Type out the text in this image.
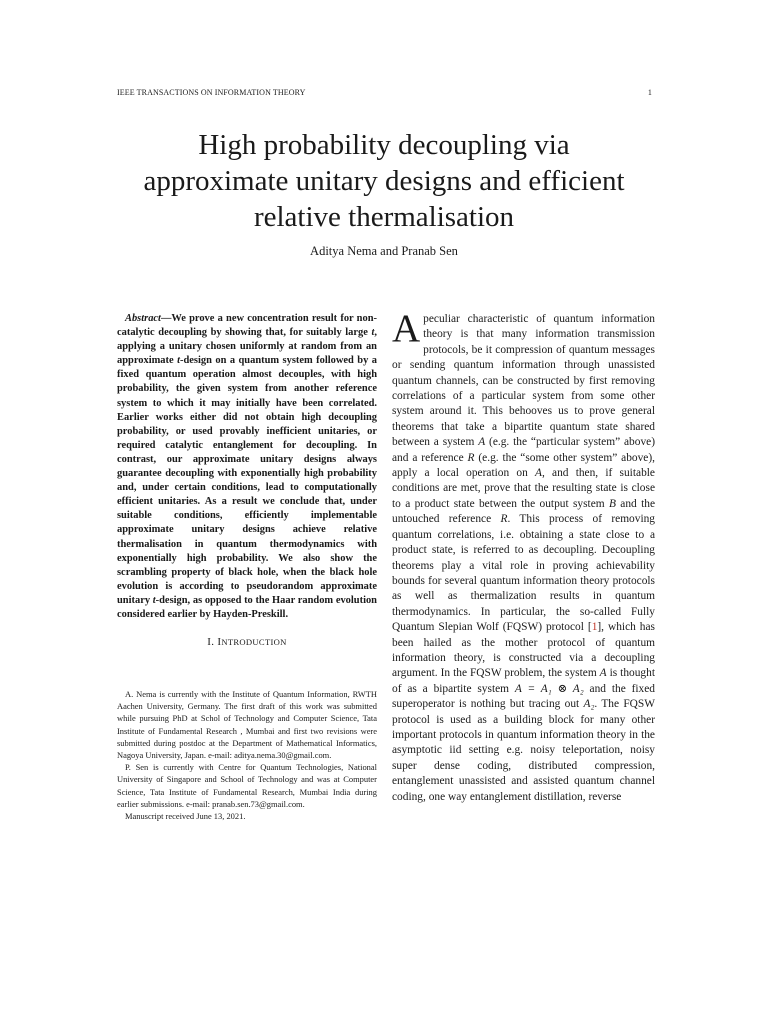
IEEE TRANSACTIONS ON INFORMATION THEORY	1
High probability decoupling via
approximate unitary designs and efficient
relative thermalisation
Aditya Nema and Pranab Sen

Abstract—We prove a new concentration result for non-catalytic decoupling by showing that, for suitably large t, applying a unitary chosen uniformly at random from an approximate t-design on a quantum system followed by a fixed quantum operation almost decouples, with high probability, the given system from another reference system to which it may initially have been correlated. Earlier works either did not obtain high decoupling probability, or used provably inefficient unitaries, or required catalytic entanglement for decoupling. In contrast, our approximate unitary designs always guarantee decoupling with exponentially high probability and, under certain conditions, lead to computationally efficient unitaries. As a result we conclude that, under suitable conditions, efficiently implementable approximate unitary designs achieve relative thermalisation in quantum thermodynamics with exponentially high probability. We also show the scrambling property of black hole, when the black hole evolution is according to pseudorandom approximate unitary t-design, as opposed to the Haar random evolution considered earlier by Hayden-Preskill.

I. INTRODUCTION

A. Nema is currently with the Institute of Quantum Information, RWTH Aachen University, Germany. The first draft of this work was submitted while pursuing PhD at Schol of Technology and Computer Science, Tata Institute of Fundamental Research , Mumbai and first two revisions were submitted during postdoc at the Department of Mathematical Informatics, Nagoya University, Japan. e-mail: aditya.nema.30@gmail.com.

P. Sen is currently with Centre for Quantum Technologies, National University of Singapore and School of Technology and was at Computer Science, Tata Institute of Fundamental Research, Mumbai India during earlier submissions. e-mail: pranab.sen.73@gmail.com.

Manuscript received June 13, 2021.

A peculiar characteristic of quantum information theory is that many information transmission protocols, be it compression of quantum messages or sending quantum information through unassisted quantum channels, can be constructed by first removing correlations of a particular system from some other system around it. This behooves us to prove general theorems that take a bipartite quantum state shared between a system A (e.g. the “particular system” above) and a reference R (e.g. the “some other system” above), apply a local operation on A, and then, if suitable conditions are met, prove that the resulting state is close to a product state between the output system B and the untouched reference R. This process of removing quantum correlations, i.e. obtaining a state close to a product state, is referred to as decoupling. Decoupling theorems play a vital role in proving achievability bounds for several quantum information theory protocols as well as thermalization results in quantum thermodynamics. In particular, the so-called Fully Quantum Slepian Wolf (FQSW) protocol [1], which has been hailed as the mother protocol of quantum information theory, is constructed via a decoupling argument. In the FQSW problem, the system A is thought of as a bipartite system A = A₁ ⊗ A₂ and the fixed superoperator is nothing but tracing out A₂. The FQSW protocol is used as a building block for many other important protocols in quantum information theory in the asymptotic iid setting e.g. noisy teleportation, noisy super dense coding, distributed compression, entanglement unassisted and assisted quantum channel coding, one way entanglement distillation, reverse
